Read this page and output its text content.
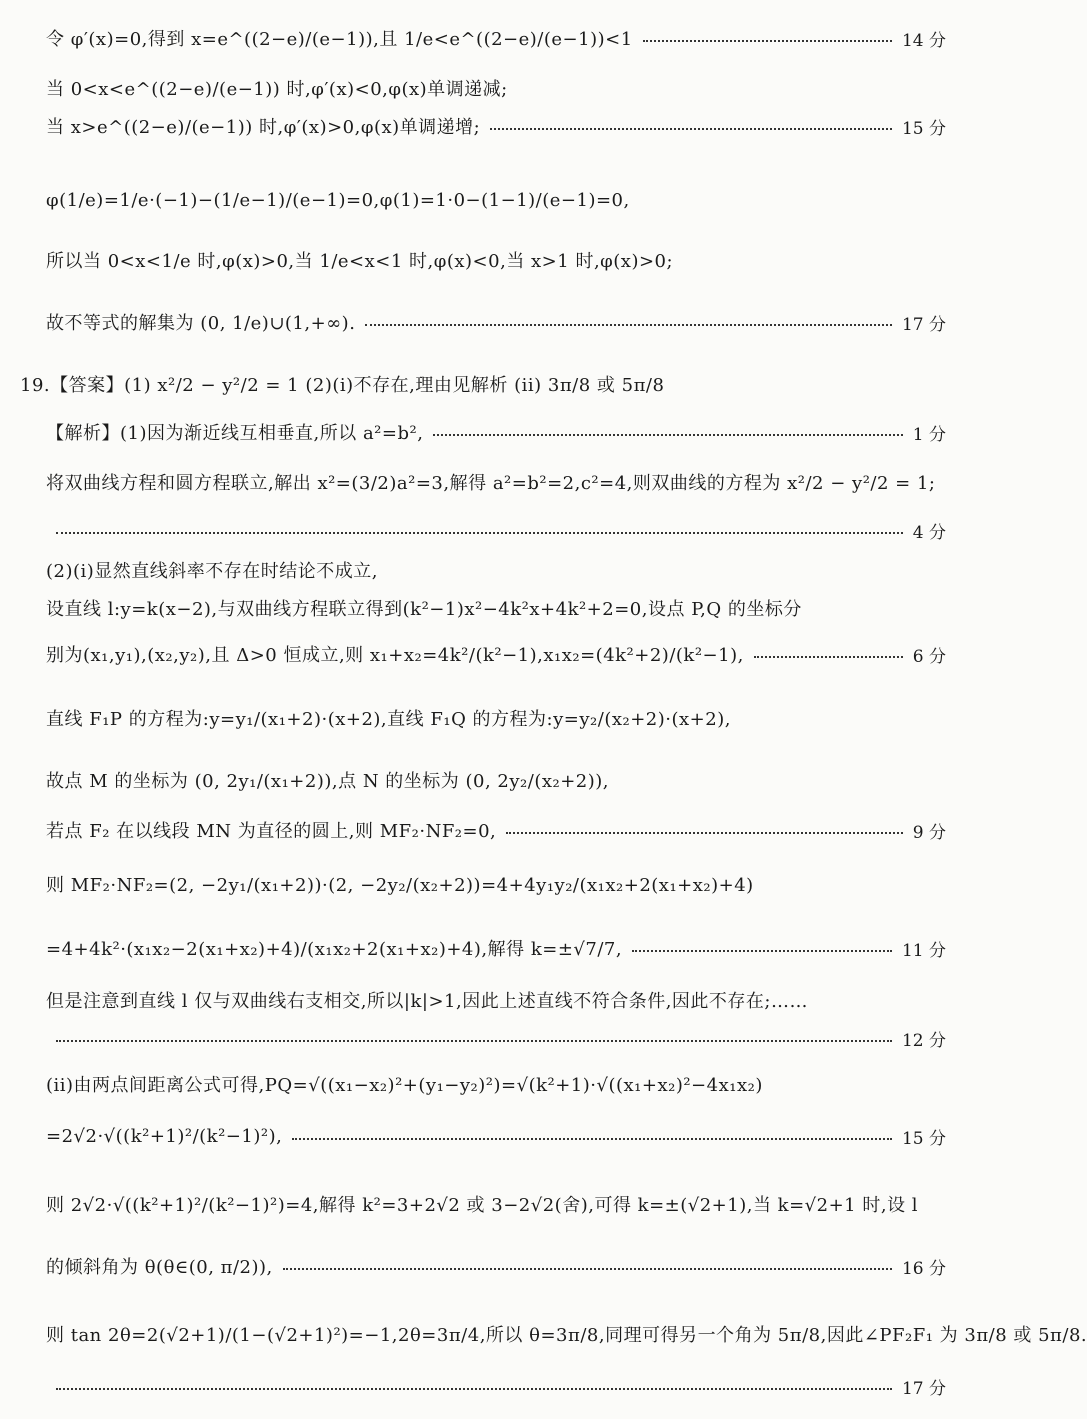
令 φ′(x)=0,得到 x=e^((2−e)/(e−1)),且 1/e<e^((2−e)/(e−1))<1	14 分
当 0<x<e^((2−e)/(e−1)) 时,φ′(x)<0,φ(x)单调递减;
当 x>e^((2−e)/(e−1)) 时,φ′(x)>0,φ(x)单调递增;	15 分
φ(1/e)=1/e·(−1)−(1/e−1)/(e−1)=0,φ(1)=1·0−(1−1)/(e−1)=0,
所以当 0<x<1/e 时,φ(x)>0,当 1/e<x<1 时,φ(x)<0,当 x>1 时,φ(x)>0;
故不等式的解集为 (0, 1/e)∪(1,+∞).	17 分
19.【答案】(1) x²/2 − y²/2 = 1 (2)(i)不存在,理由见解析 (ii) 3π/8 或 5π/8
【解析】(1)因为渐近线互相垂直,所以 a²=b²,	1 分
将双曲线方程和圆方程联立,解出 x²=(3/2)a²=3,解得 a²=b²=2,c²=4,则双曲线的方程为 x²/2 − y²/2 = 1;
4 分
(2)(i)显然直线斜率不存在时结论不成立,
设直线 l:y=k(x−2),与双曲线方程联立得到(k²−1)x²−4k²x+4k²+2=0,设点 P,Q 的坐标分
别为(x₁,y₁),(x₂,y₂),且 Δ>0 恒成立,则 x₁+x₂=4k²/(k²−1),x₁x₂=(4k²+2)/(k²−1),	6 分
直线 F₁P 的方程为:y=y₁/(x₁+2)·(x+2),直线 F₁Q 的方程为:y=y₂/(x₂+2)·(x+2),
故点 M 的坐标为 (0, 2y₁/(x₁+2)),点 N 的坐标为 (0, 2y₂/(x₂+2)),
若点 F₂ 在以线段 MN 为直径的圆上,则 MF₂·NF₂=0,	9 分
则 MF₂·NF₂=(2, −2y₁/(x₁+2))·(2, −2y₂/(x₂+2))=4+4y₁y₂/(x₁x₂+2(x₁+x₂)+4)
=4+4k²·(x₁x₂−2(x₁+x₂)+4)/(x₁x₂+2(x₁+x₂)+4),解得 k=±√7/7,	11 分
但是注意到直线 l 仅与双曲线右支相交,所以|k|>1,因此上述直线不符合条件,因此不存在;……
12 分
(ii)由两点间距离公式可得,PQ=√((x₁−x₂)²+(y₁−y₂)²)=√(k²+1)·√((x₁+x₂)²−4x₁x₂)
=2√2·√((k²+1)²/(k²−1)²),	15 分
则 2√2·√((k²+1)²/(k²−1)²)=4,解得 k²=3+2√2 或 3−2√2(舍),可得 k=±(√2+1),当 k=√2+1 时,设 l
的倾斜角为 θ(θ∈(0, π/2)),	16 分
则 tan 2θ=2(√2+1)/(1−(√2+1)²)=−1,2θ=3π/4,所以 θ=3π/8,同理可得另一个角为 5π/8,因此∠PF₂F₁ 为 3π/8 或 5π/8.
17 分
